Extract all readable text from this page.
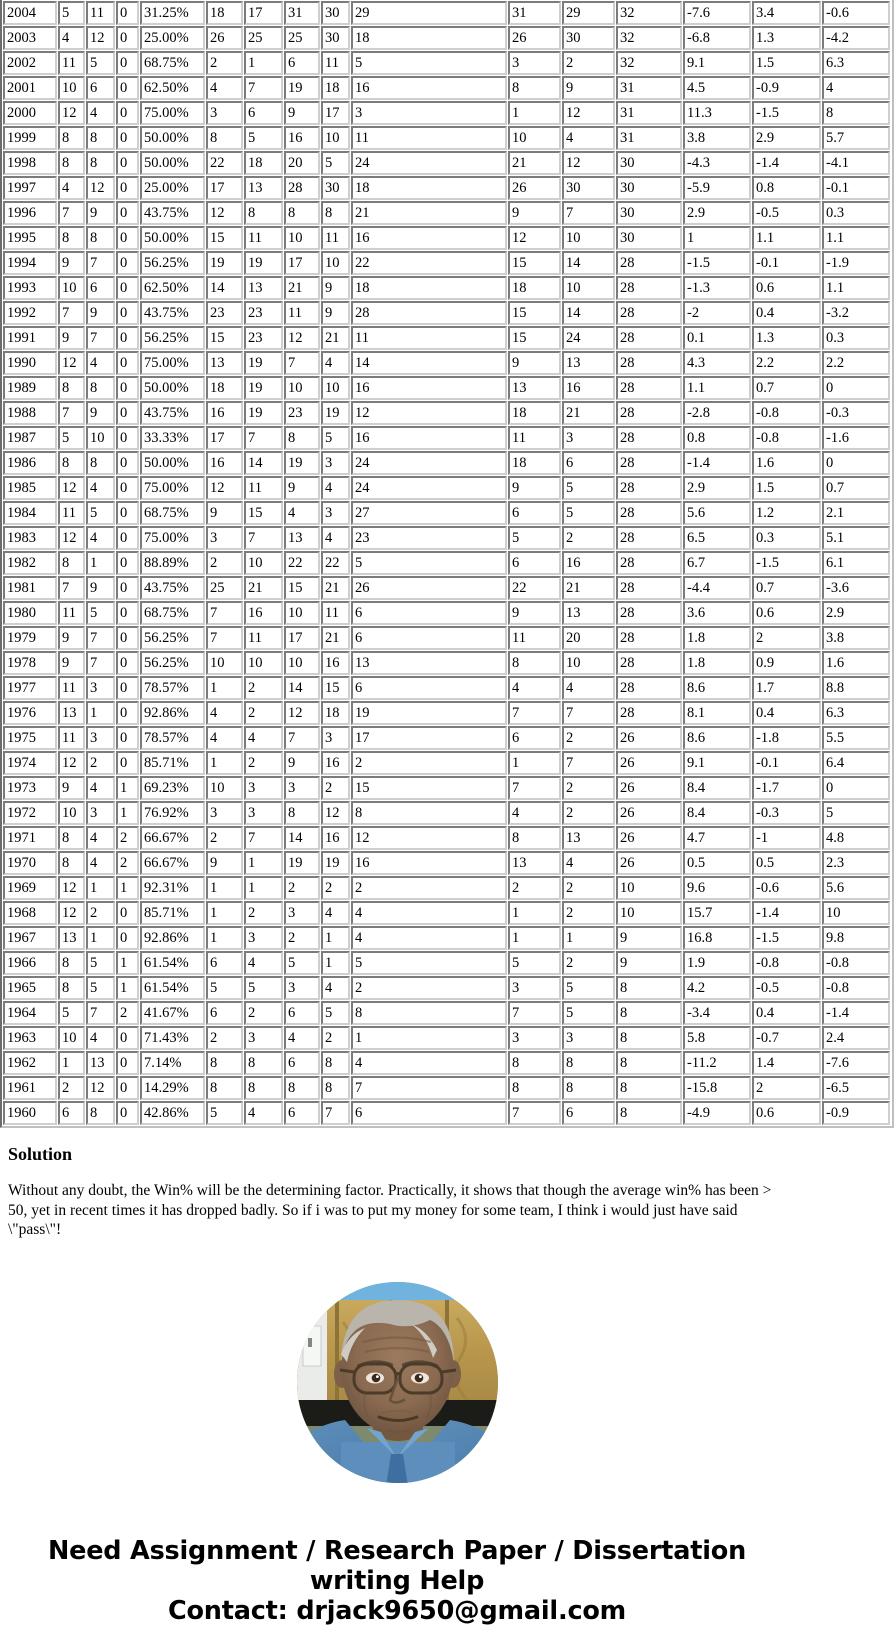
2004	5	11	0	31.25%	18	17	31	30	29	31	29	32	-7.6	3.4	-0.6	
2003	4	12	0	25.00%	26	25	25	30	18	26	30	32	-6.8	1.3	-4.2	
2002	11	5	0	68.75%	2	1	6	11	5	3	2	32	9.1	1.5	6.3	
2001	10	6	0	62.50%	4	7	19	18	16	8	9	31	4.5	-0.9	4	
2000	12	4	0	75.00%	3	6	9	17	3	1	12	31	11.3	-1.5	8	
1999	8	8	0	50.00%	8	5	16	10	11	10	4	31	3.8	2.9	5.7	
1998	8	8	0	50.00%	22	18	20	5	24	21	12	30	-4.3	-1.4	-4.1	
1997	4	12	0	25.00%	17	13	28	30	18	26	30	30	-5.9	0.8	-0.1	
1996	7	9	0	43.75%	12	8	8	8	21	9	7	30	2.9	-0.5	0.3	
1995	8	8	0	50.00%	15	11	10	11	16	12	10	30	1	1.1	1.1	
1994	9	7	0	56.25%	19	19	17	10	22	15	14	28	-1.5	-0.1	-1.9	
1993	10	6	0	62.50%	14	13	21	9	18	18	10	28	-1.3	0.6	1.1	
1992	7	9	0	43.75%	23	23	11	9	28	15	14	28	-2	0.4	-3.2	
1991	9	7	0	56.25%	15	23	12	21	11	15	24	28	0.1	1.3	0.3	
1990	12	4	0	75.00%	13	19	7	4	14	9	13	28	4.3	2.2	2.2	
1989	8	8	0	50.00%	18	19	10	10	16	13	16	28	1.1	0.7	0	
1988	7	9	0	43.75%	16	19	23	19	12	18	21	28	-2.8	-0.8	-0.3	
1987	5	10	0	33.33%	17	7	8	5	16	11	3	28	0.8	-0.8	-1.6	
1986	8	8	0	50.00%	16	14	19	3	24	18	6	28	-1.4	1.6	0	
1985	12	4	0	75.00%	12	11	9	4	24	9	5	28	2.9	1.5	0.7	
1984	11	5	0	68.75%	9	15	4	3	27	6	5	28	5.6	1.2	2.1	
1983	12	4	0	75.00%	3	7	13	4	23	5	2	28	6.5	0.3	5.1	
1982	8	1	0	88.89%	2	10	22	22	5	6	16	28	6.7	-1.5	6.1	
1981	7	9	0	43.75%	25	21	15	21	26	22	21	28	-4.4	0.7	-3.6	
1980	11	5	0	68.75%	7	16	10	11	6	9	13	28	3.6	0.6	2.9	
1979	9	7	0	56.25%	7	11	17	21	6	11	20	28	1.8	2	3.8	
1978	9	7	0	56.25%	10	10	10	16	13	8	10	28	1.8	0.9	1.6	
1977	11	3	0	78.57%	1	2	14	15	6	4	4	28	8.6	1.7	8.8	
1976	13	1	0	92.86%	4	2	12	18	19	7	7	28	8.1	0.4	6.3	
1975	11	3	0	78.57%	4	4	7	3	17	6	2	26	8.6	-1.8	5.5	
1974	12	2	0	85.71%	1	2	9	16	2	1	7	26	9.1	-0.1	6.4	
1973	9	4	1	69.23%	10	3	3	2	15	7	2	26	8.4	-1.7	0	
1972	10	3	1	76.92%	3	3	8	12	8	4	2	26	8.4	-0.3	5	
1971	8	4	2	66.67%	2	7	14	16	12	8	13	26	4.7	-1	4.8	
1970	8	4	2	66.67%	9	1	19	19	16	13	4	26	0.5	0.5	2.3	
1969	12	1	1	92.31%	1	1	2	2	2	2	2	10	9.6	-0.6	5.6	
1968	12	2	0	85.71%	1	2	3	4	4	1	2	10	15.7	-1.4	10	
1967	13	1	0	92.86%	1	3	2	1	4	1	1	9	16.8	-1.5	9.8	
1966	8	5	1	61.54%	6	4	5	1	5	5	2	9	1.9	-0.8	-0.8	
1965	8	5	1	61.54%	5	5	3	4	2	3	5	8	4.2	-0.5	-0.8	
1964	5	7	2	41.67%	6	2	6	5	8	7	5	8	-3.4	0.4	-1.4	
1963	10	4	0	71.43%	2	3	4	2	1	3	3	8	5.8	-0.7	2.4	
1962	1	13	0	7.14%	8	8	6	8	4	8	8	8	-11.2	1.4	-7.6	
1961	2	12	0	14.29%	8	8	8	8	7	8	8	8	-15.8	2	-6.5	
1960	6	8	0	42.86%	5	4	6	7	6	7	6	8	-4.9	0.6	-0.9	
Solution

Without any doubt, the Win% will be the determining factor. Practically, it shows that though the average win% has been > 50, yet in recent times it has dropped badly. So if i was to put my money for some team, I think i would just have said \"pass\"!

Need Assignment / Research Paper / Dissertation
writing Help
Contact: drjack9650@gmail.com
